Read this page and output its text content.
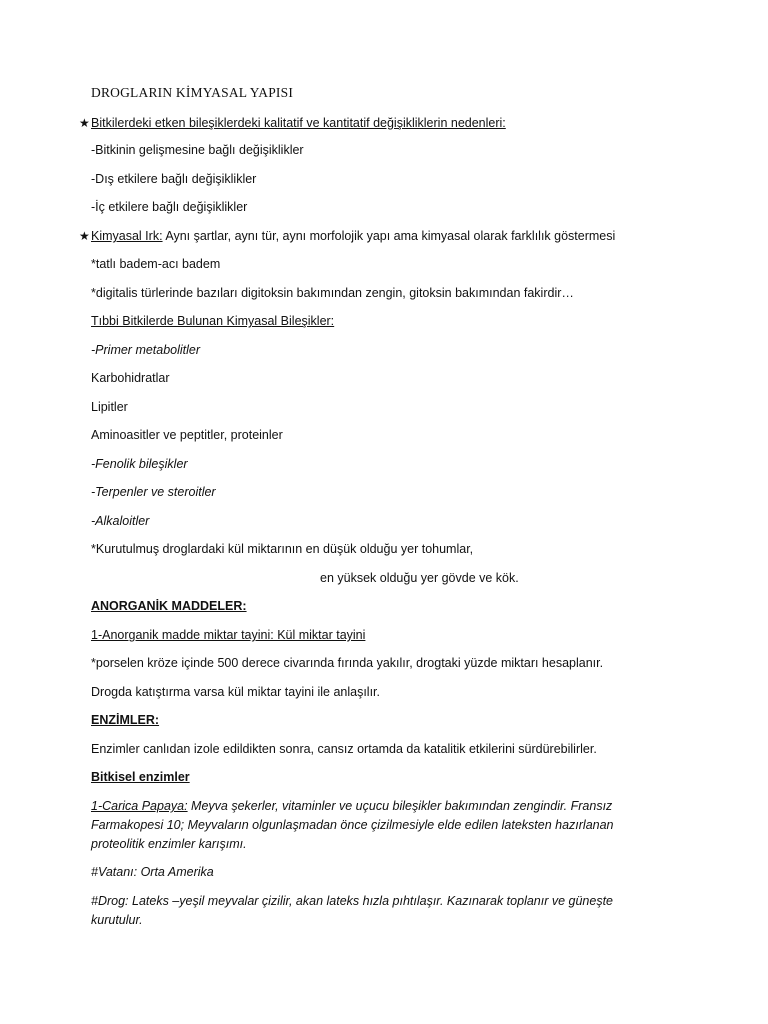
DROGLARIN KİMYASAL YAPISI
★ Bitkilerdeki etken bileşiklerdeki kalitatif ve kantitatif değişikliklerin nedenleri:
-Bitkinin gelişmesine bağlı değişiklikler
-Dış etkilere bağlı değişiklikler
-İç etkilere bağlı değişiklikler
★ Kimyasal Irk: Aynı şartlar, aynı tür, aynı morfolojik yapı ama kimyasal olarak farklılık göstermesi
*tatlı badem-acı badem
*digitalis türlerinde bazıları digitoksin bakımından zengin, gitoksin bakımından fakirdir…
Tıbbi Bitkilerde Bulunan Kimyasal Bileşikler:
-Primer metabolitler
Karbohidratlar
Lipitler
Aminoasitler ve peptitler, proteinler
-Fenolik bileşikler
-Terpenler ve steroitler
-Alkaloitler
*Kurutulmuş droglardaki kül miktarının en düşük olduğu yer tohumlar,
en yüksek olduğu yer gövde ve kök.
ANORGANİK MADDELER:
1-Anorganik madde miktar tayini: Kül miktar tayini
*porselen kröze içinde 500 derece civarında fırında yakılır, drogtaki yüzde miktarı hesaplanır.
Drogda katıştırma varsa kül miktar tayini ile anlaşılır.
ENZİMLER:
Enzimler canlıdan izole edildikten sonra, cansız ortamda da katalitik etkilerini sürdürebilirler.
Bitkisel enzimler
1-Carica Papaya: Meyva şekerler, vitaminler ve uçucu bileşikler bakımından zengindir. Fransız Farmakopesi 10; Meyvaların olgunlaşmadan önce çizilmesiyle elde edilen lateksten hazırlanan proteolitik enzimler karışımı.
#Vatanı: Orta Amerika
#Drog: Lateks –yeşil meyvalar çizilir, akan lateks hızla pıhtılaşır. Kazınarak toplanır ve güneşte kurutulur.
